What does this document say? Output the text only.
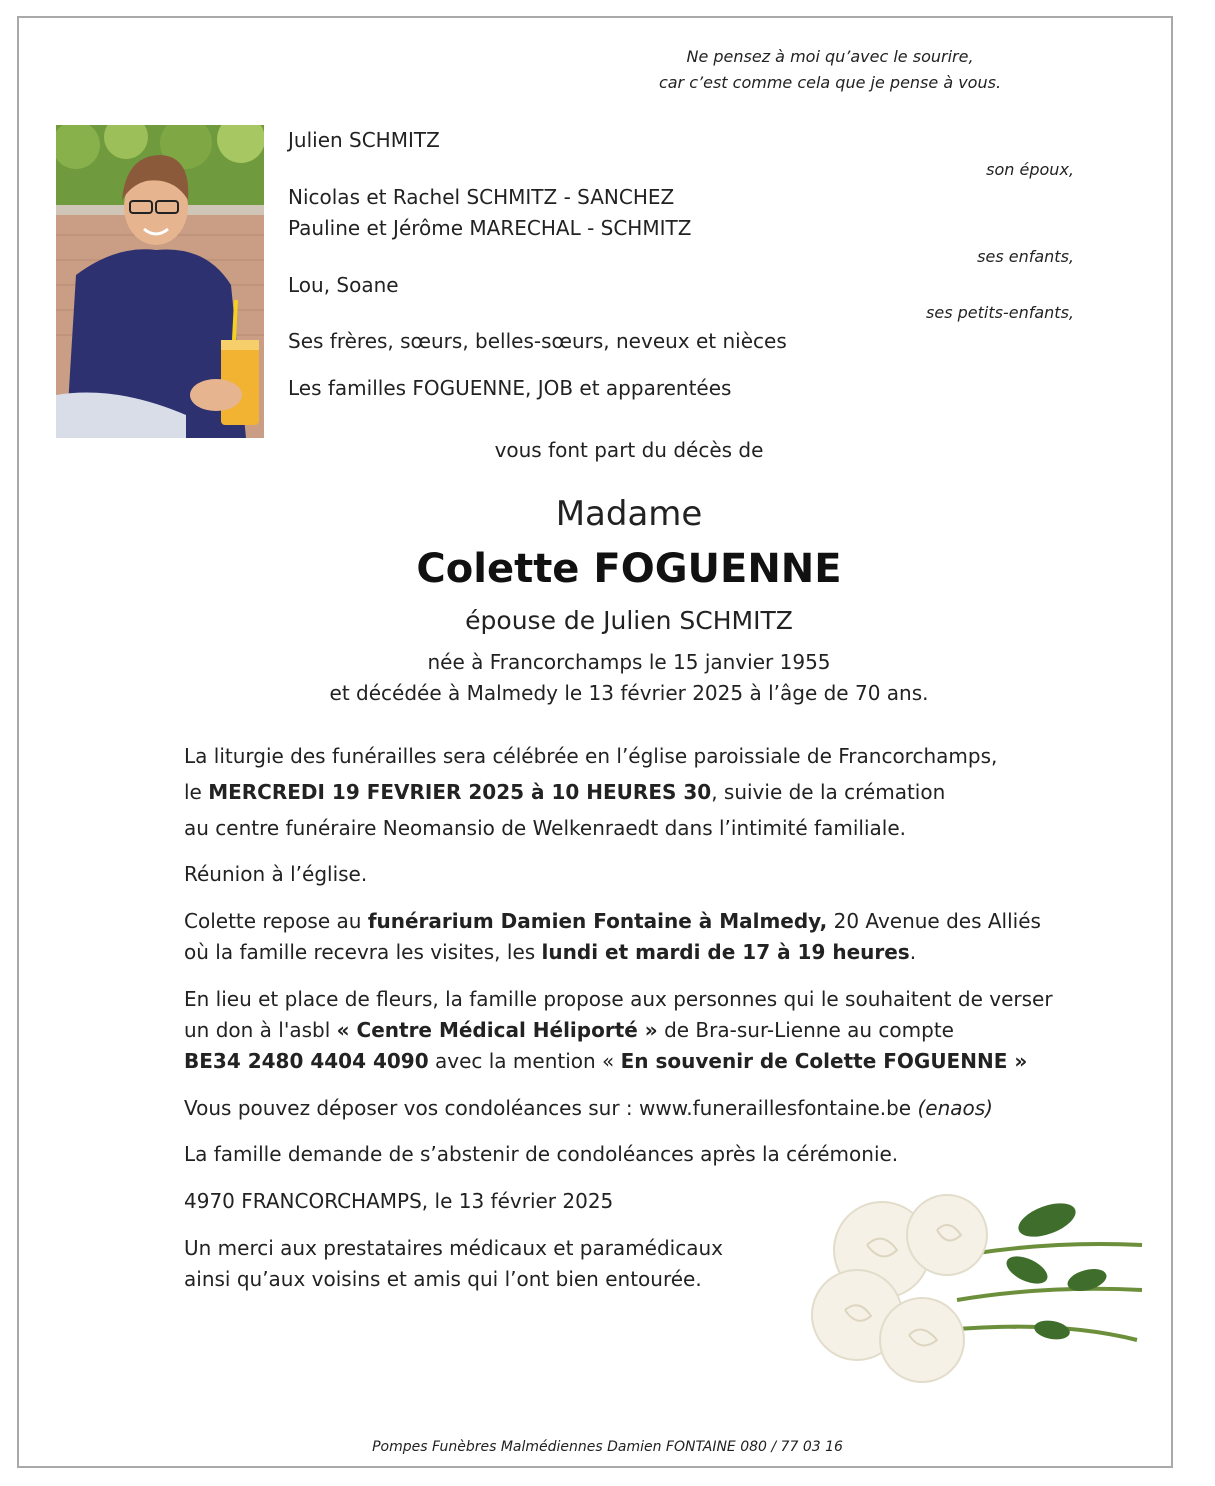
Ne pensez à moi qu’avec le sourire,
car c’est comme cela que je pense à vous.
Julien SCHMITZ
son époux,
Nicolas et Rachel SCHMITZ - SANCHEZ
Pauline et Jérôme MARECHAL - SCHMITZ
ses enfants,
Lou, Soane
ses petits-enfants,
Ses frères, sœurs, belles-sœurs, neveux et nièces
Les familles FOGUENNE, JOB et apparentées
vous font part du décès de
Madame
Colette FOGUENNE
épouse de Julien SCHMITZ
née à Francorchamps le 15 janvier 1955
et décédée à Malmedy le 13 février 2025 à l’âge de 70 ans.

La liturgie des funérailles sera célébrée en l’église paroissiale de Francorchamps,

le MERCREDI 19 FEVRIER 2025 à 10 HEURES 30, suivie de la crémation

au centre funéraire Neomansio de Welkenraedt dans l’intimité familiale.

Réunion à l’église.

Colette repose au funérarium Damien Fontaine à Malmedy, 20 Avenue des Alliés

où la famille recevra les visites, les lundi et mardi de 17 à 19 heures.

En lieu et place de fleurs, la famille propose aux personnes qui le souhaitent de verser

un don à l'asbl « Centre Médical Héliporté » de Bra-sur-Lienne au compte

BE34 2480 4404 4090 avec la mention « En souvenir de Colette FOGUENNE »

Vous pouvez déposer vos condoléances sur : www.funeraillesfontaine.be (enaos)
La famille demande de s’abstenir de condoléances après la cérémonie.
4970 FRANCORCHAMPS, le 13 février 2025

Un merci aux prestataires médicaux et paramédicaux

ainsi qu’aux voisins et amis qui l’ont bien entourée.

Pompes Funèbres Malmédiennes Damien FONTAINE 080 / 77 03 16
